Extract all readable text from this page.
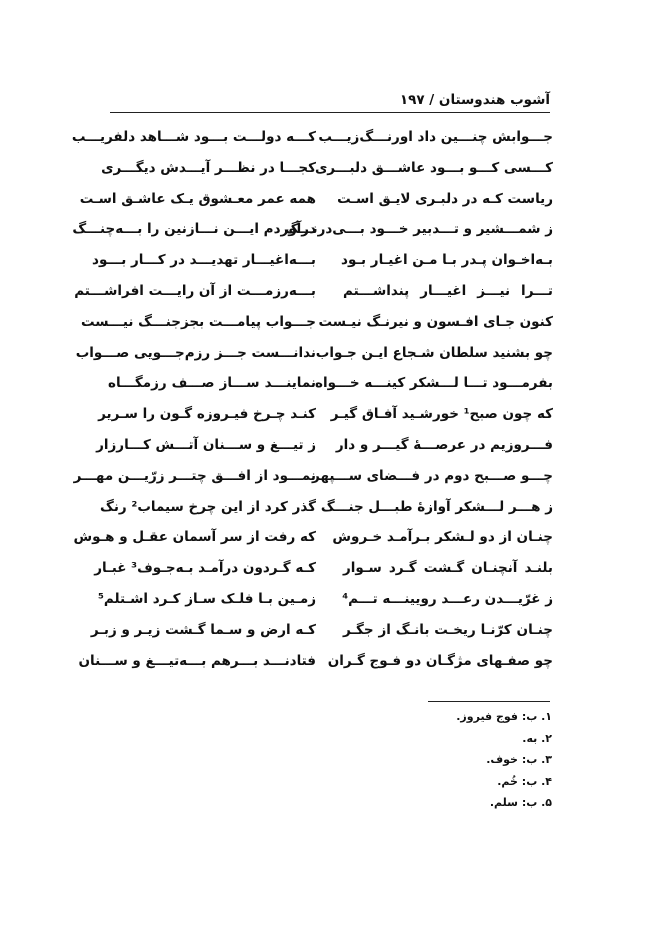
آشوب هندوستان / ۱۹۷
جـــوابش چنـــین داد اورنـــگ‌زیـــب
کـــسی کـــو بـــود عاشـــق دلبـــری
ریاست کـه در دلبـری لایـق اسـت
ز شمـــشیر و تـــدبیر خـــود بـــی‌درنـــگ
بـه‌اخـوان پـدر بـا مـن اغیـار بـود
تـــرا نیـــز اغیـــار پنداشـــتم
کنون جـای افـسون و نیرنـگ نیـست
چو بشنید سلطان شـجاع ایـن جـواب
بفرمـــود تـــا لـــشکر کینـــه خـــواه
که چون صبح¹ خورشـید آفـاق گیـر
فـــروزیم در عرصـــهٔ گیـــر و دار
چـــو صـــبح دوم در فـــضای ســـپهر
ز هـــر لـــشکر آوازهٔ طبـــل جنـــگ
چنـان از دو لـشکر بـرآمـد خـروش
بلنـد آنچنـان گـشت گـرد سـوار
ز غرّیـــدن رعـــد رویینـــه تـــم⁴
چنـان کرّنـا ریخـت بانـگ از جگـر
چو صفـهای مژگـان دو فـوج گـران
کـــه دولـــت بـــود شـــاهد دلفریـــب
کجـــا در نظـــر آیـــدش دیگـــری
همه عمر معـشوق یـک عاشـق اسـت
درآوردم ایـــن نـــازنین را بـــه‌چنـــگ
بـــه‌اغیـــار تهدیـــد در کـــار بـــود
بـــه‌رزمـــت از آن رایـــت افراشـــتم
جـــواب پیامـــت بجزجنـــگ نیـــست
ندانـــست جـــز رزم‌جـــویی صـــواب
نماینـــد ســـاز صـــف رزمگـــاه
کنـد چـرخ فیـروزه گـون را سـریر
ز تیـــغ و ســـنان آتـــش کـــارزار
نمـــود از افـــق چتـــر زرّیـــن مهـــر
گذر کرد از این چرخ سیماب² رنگ
که رفت از سر آسمان عقـل و هـوش
کـه گـردون درآمـد بـه‌جـوف³ غبـار
زمـین بـا فلـک سـاز کـرد اشـتلم⁵
کـه ارض و سـما گـشت زیـر و زبـر
فتادنـــد بـــرهم بـــه‌تیـــغ و ســـنان
۱. ب: فوج فیروز.
۲. به.
۳. ب: خوف.
۴. ب: خُم.
۵. ب: سلم.
